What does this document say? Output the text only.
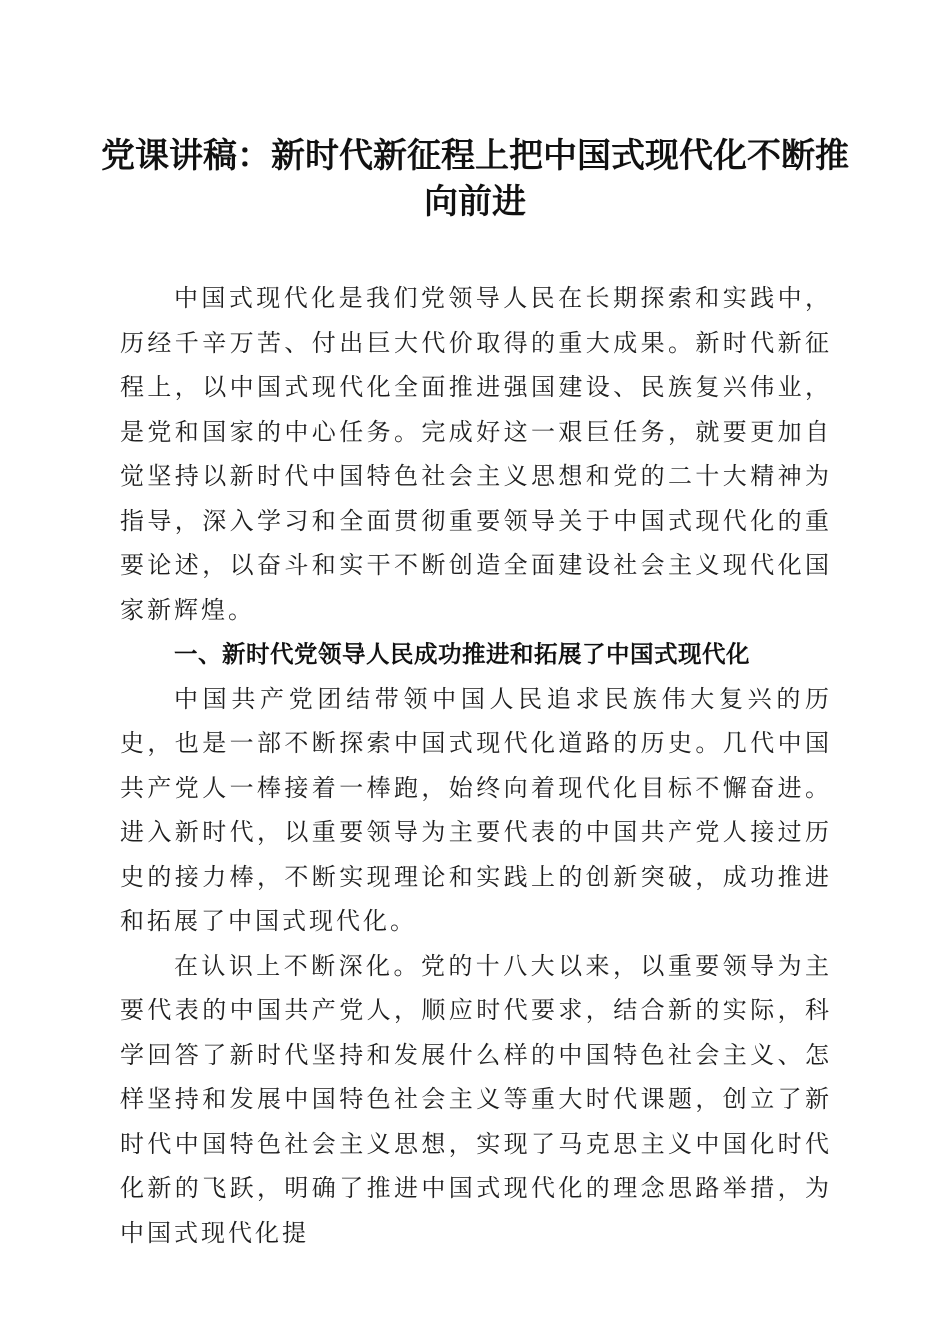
党课讲稿：新时代新征程上把中国式现代化不断推向前进

中国式现代化是我们党领导人民在长期探索和实践中，历经千辛万苦、付出巨大代价取得的重大成果。新时代新征程上，以中国式现代化全面推进强国建设、民族复兴伟业，是党和国家的中心任务。完成好这一艰巨任务，就要更加自觉坚持以新时代中国特色社会主义思想和党的二十大精神为指导，深入学习和全面贯彻重要领导关于中国式现代化的重要论述，以奋斗和实干不断创造全面建设社会主义现代化国家新辉煌。

一、新时代党领导人民成功推进和拓展了中国式现代化

中国共产党团结带领中国人民追求民族伟大复兴的历史，也是一部不断探索中国式现代化道路的历史。几代中国共产党人一棒接着一棒跑，始终向着现代化目标不懈奋进。进入新时代，以重要领导为主要代表的中国共产党人接过历史的接力棒，不断实现理论和实践上的创新突破，成功推进和拓展了中国式现代化。

在认识上不断深化。党的十八大以来，以重要领导为主要代表的中国共产党人，顺应时代要求，结合新的实际，科学回答了新时代坚持和发展什么样的中国特色社会主义、怎样坚持和发展中国特色社会主义等重大时代课题，创立了新时代中国特色社会主义思想，实现了马克思主义中国化时代化新的飞跃，明确了推进中国式现代化的理念思路举措，为中国式现代化提
